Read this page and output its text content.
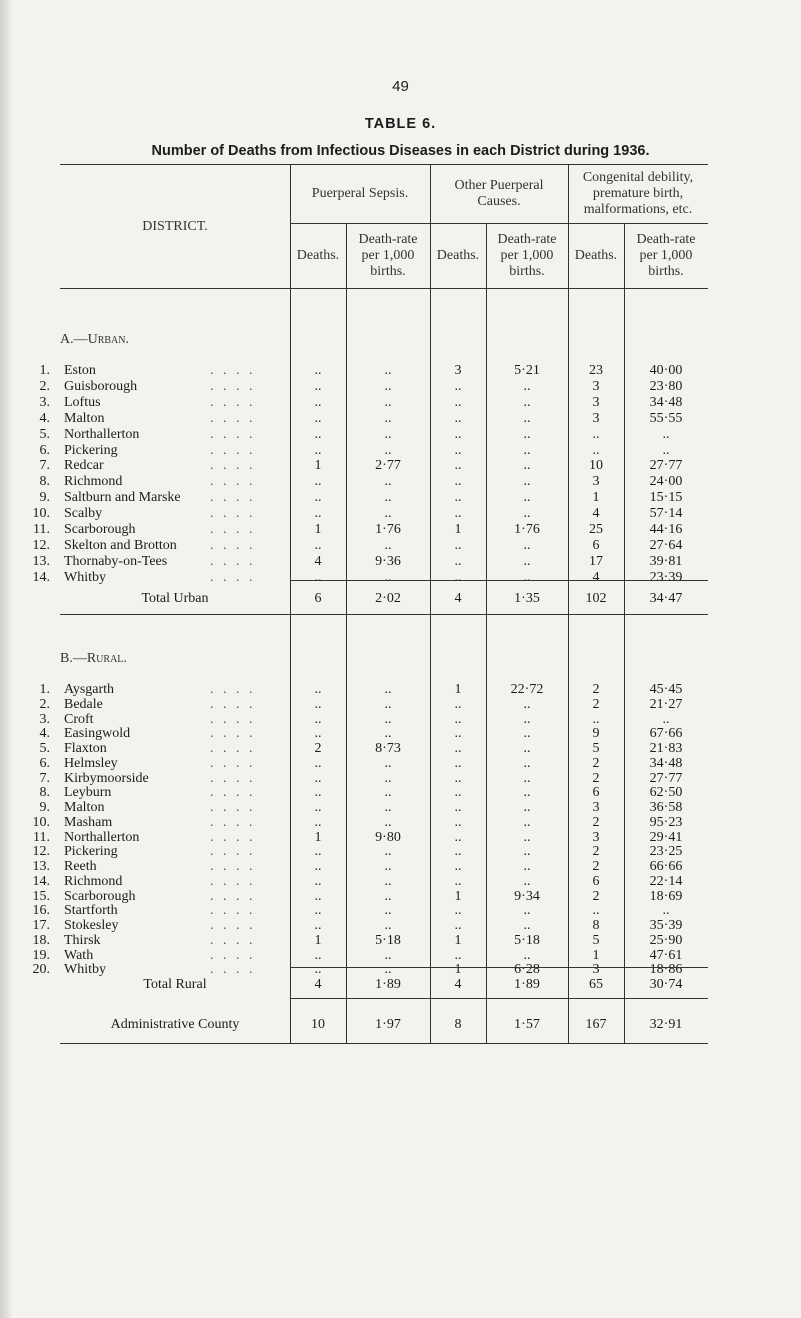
49
TABLE 6.
Number of Deaths from Infectious Diseases in each District during 1936.
DISTRICT.
Puerperal Sepsis.
Other Puerperal
Causes.
Congenital debility,
premature birth,
malformations, etc.
Deaths.
Death-rate
per 1,000
births.
Deaths.
Death-rate
per 1,000
births.
Deaths.
Death-rate
per 1,000
births.
A.—Urban.
1. Eston	. . . .	..	..	3	5·21	23	40·00
2. Guisborough	. . . .	..	..	..	..	3	23·80
3. Loftus	. . . .	..	..	..	..	3	34·48
4. Malton	. . . .	..	..	..	..	3	55·55
5. Northallerton	. . . .	..	..	..	..	..	..
6. Pickering	. . . .	..	..	..	..	..	..
7. Redcar	. . . .	1	2·77	..	..	10	27·77
8. Richmond	. . . .	..	..	..	..	3	24·00
9. Saltburn and Marske . . . .	..	..	..	..	1	15·15
10. Scalby	. . . .	..	..	..	..	4	57·14
11. Scarborough	. . . .	1	1·76	1	1·76	25	44·16
12. Skelton and Brotton . . . .	..	..	..	..	6	27·64
13. Thornaby-on-Tees	. . . .	4	9·36	..	..	17	39·81
14. Whitby	. . . .	..	..	..	..	4	23·39
Total Urban	6	2·02	4	1·35	102	34·47
B.—Rural.
1. Aysgarth	. . . .	..	..	1	22·72	2	45·45
2. Bedale	. . . .	..	..	..	..	2	21·27
3. Croft	. . . .	..	..	..	..	..	..
4. Easingwold	. . . .	..	..	..	..	9	67·66
5. Flaxton	. . . .	2	8·73	..	..	5	21·83
6. Helmsley	. . . .	..	..	..	..	2	34·48
7. Kirbymoorside	. . . .	..	..	..	..	2	27·77
8. Leyburn	. . . .	..	..	..	..	6	62·50
9. Malton	. . . .	..	..	..	..	3	36·58
10. Masham	. . . .	..	..	..	..	2	95·23
11. Northallerton	. . . .	1	9·80	..	..	3	29·41
12. Pickering	. . . .	..	..	..	..	2	23·25
13. Reeth	. . . .	..	..	..	..	2	66·66
14. Richmond	. . . .	..	..	..	..	6	22·14
15. Scarborough	. . . .	..	..	1	9·34	2	18·69
16. Startforth	. . . .	..	..	..	..	..	..
17. Stokesley	. . . .	..	..	..	..	8	35·39
18. Thirsk	. . . .	1	5·18	1	5·18	5	25·90
19. Wath	. . . .	..	..	..	..	1	47·61
20. Whitby	. . . .	..	..	1	6·28	3	18·86
Total Rural	4	1·89	4	1·89	65	30·74
Administrative County	10	1·97	8	1·57	167	32·91
